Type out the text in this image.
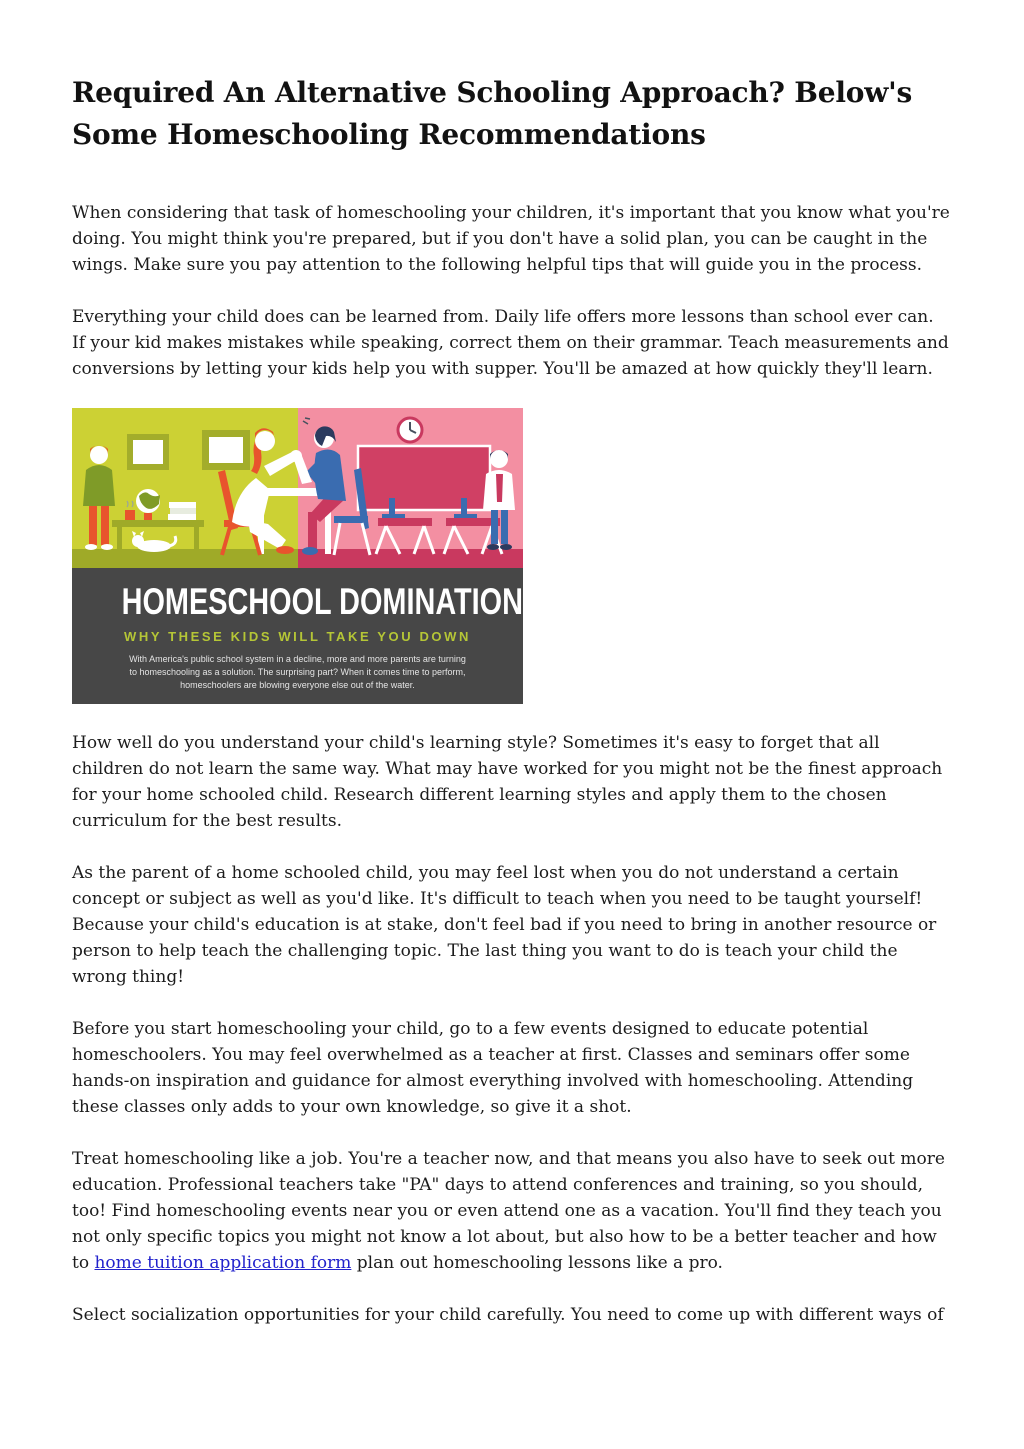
Required An Alternative Schooling Approach? Below's Some Homeschooling Recommendations

When considering that task of homeschooling your children, it's important that you know what you're doing. You might think you're prepared, but if you don't have a solid plan, you can be caught in the wings. Make sure you pay attention to the following helpful tips that will guide you in the process.

Everything your child does can be learned from. Daily life offers more lessons than school ever can. If your kid makes mistakes while speaking, correct them on their grammar. Teach measurements and conversions by letting your kids help you with supper. You'll be amazed at how quickly they'll learn.

HOMESCHOOL DOMINATION
WHY THESE KIDS WILL TAKE YOU DOWN
With America's public school system in a decline, more and more parents are turning
to homeschooling as a solution. The surprising part? When it comes time to perform,
homeschoolers are blowing everyone else out of the water.

How well do you understand your child's learning style? Sometimes it's easy to forget that all children do not learn the same way. What may have worked for you might not be the finest approach for your home schooled child. Research different learning styles and apply them to the chosen curriculum for the best results.

As the parent of a home schooled child, you may feel lost when you do not understand a certain concept or subject as well as you'd like. It's difficult to teach when you need to be taught yourself! Because your child's education is at stake, don't feel bad if you need to bring in another resource or person to help teach the challenging topic. The last thing you want to do is teach your child the wrong thing!

Before you start homeschooling your child, go to a few events designed to educate potential homeschoolers. You may feel overwhelmed as a teacher at first. Classes and seminars offer some hands-on inspiration and guidance for almost everything involved with homeschooling. Attending these classes only adds to your own knowledge, so give it a shot.

Treat homeschooling like a job. You're a teacher now, and that means you also have to seek out more education. Professional teachers take "PA" days to attend conferences and training, so you should, too! Find homeschooling events near you or even attend one as a vacation. You'll find they teach you not only specific topics you might not know a lot about, but also how to be a better teacher and how to home tuition application form plan out homeschooling lessons like a pro.

Select socialization opportunities for your child carefully. You need to come up with different ways of
